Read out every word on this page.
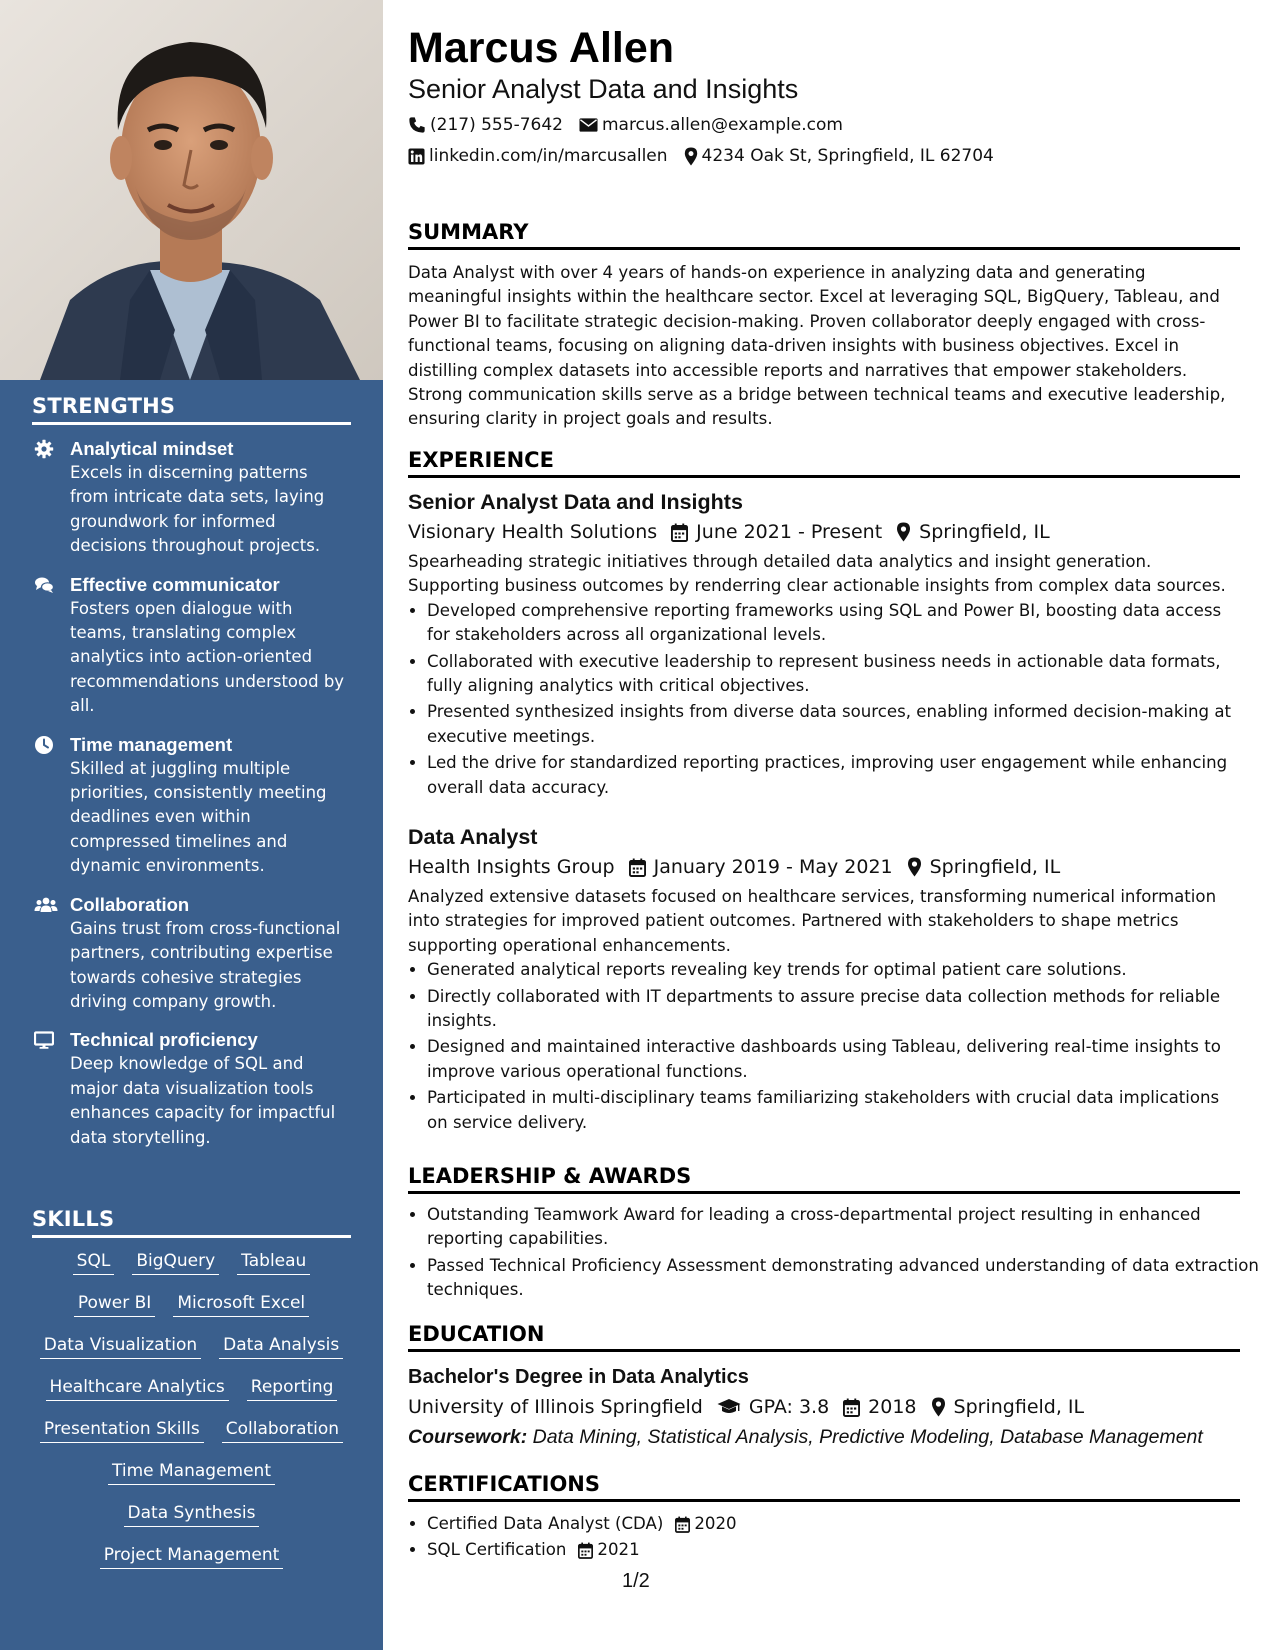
STRENGTHS
Analytical mindset
Excels in discerning patterns from intricate data sets, laying groundwork for informed decisions throughout projects.
Effective communicator
Fosters open dialogue with teams, translating complex analytics into action-oriented recommendations understood by all.
Time management
Skilled at juggling multiple priorities, consistently meeting deadlines even within compressed timelines and dynamic environments.
Collaboration
Gains trust from cross-functional partners, contributing expertise towards cohesive strategies driving company growth.
Technical proficiency
Deep knowledge of SQL and major data visualization tools enhances capacity for impactful data storytelling.
SKILLS
SQL BigQuery Tableau
Power BI Microsoft Excel
Data Visualization Data Analysis
Healthcare Analytics Reporting
Presentation Skills Collaboration
Time Management
Data Synthesis
Project Management
Marcus Allen
Senior Analyst Data and Insights
(217) 555-7642 marcus.allen@example.com
linkedin.com/in/marcusallen 4234 Oak St, Springfield, IL 62704
SUMMARY
Data Analyst with over 4 years of hands-on experience in analyzing data and generating meaningful insights within the healthcare sector. Excel at leveraging SQL, BigQuery, Tableau, and Power BI to facilitate strategic decision-making. Proven collaborator deeply engaged with cross-functional teams, focusing on aligning data-driven insights with business objectives. Excel in distilling complex datasets into accessible reports and narratives that empower stakeholders. Strong communication skills serve as a bridge between technical teams and executive leadership, ensuring clarity in project goals and results.
EXPERIENCE
Senior Analyst Data and Insights
Visionary Health Solutions June 2021 - Present Springfield, IL
Spearheading strategic initiatives through detailed data analytics and insight generation. Supporting business outcomes by renderring clear actionable insights from complex data sources.
• Developed comprehensive reporting frameworks using SQL and Power BI, boosting data access for stakeholders across all organizational levels.
• Collaborated with executive leadership to represent business needs in actionable data formats, fully aligning analytics with critical objectives.
• Presented synthesized insights from diverse data sources, enabling informed decision-making at executive meetings.
• Led the drive for standardized reporting practices, improving user engagement while enhancing overall data accuracy.
Data Analyst
Health Insights Group January 2019 - May 2021 Springfield, IL
Analyzed extensive datasets focused on healthcare services, transforming numerical information into strategies for improved patient outcomes. Partnered with stakeholders to shape metrics supporting operational enhancements.
• Generated analytical reports revealing key trends for optimal patient care solutions.
• Directly collaborated with IT departments to assure precise data collection methods for reliable insights.
• Designed and maintained interactive dashboards using Tableau, delivering real-time insights to improve various operational functions.
• Participated in multi-disciplinary teams familiarizing stakeholders with crucial data implications on service delivery.
LEADERSHIP & AWARDS
• Outstanding Teamwork Award for leading a cross-departmental project resulting in enhanced reporting capabilities.
• Passed Technical Proficiency Assessment demonstrating advanced understanding of data extraction techniques.
EDUCATION
Bachelor's Degree in Data Analytics
University of Illinois Springfield GPA: 3.8 2018 Springfield, IL
Coursework: Data Mining, Statistical Analysis, Predictive Modeling, Database Management
CERTIFICATIONS
• Certified Data Analyst (CDA) 2020
• SQL Certification 2021
1/2
